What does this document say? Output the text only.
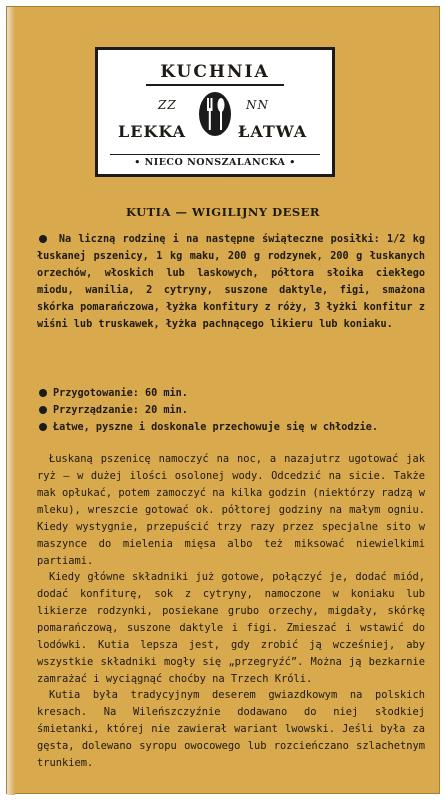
KUCHNIA
ZZ	NN
LEKKA	ŁATWA
• NIECO NONSZALANCKA •
KUTIA — WIGILIJNY DESER

Na liczną rodzinę i na następne świąteczne posiłki: 1/2 kg łuskanej pszenicy, 1 kg maku, 200 g rodzynek, 200 g łuskanych orzechów, włoskich lub laskowych, półtora słoika ciekłego miodu, wanilia, 2 cytryny, suszone daktyle, figi, smażona skórka pomarańczowa, łyżka konfitury z róży, 3 łyżki konfitur z wiśni lub truskawek, łyżka pachnącego likieru lub koniaku.

Przygotowanie: 60 min.
Przyrządzanie: 20 min.
Łatwe, pyszne i doskonale przechowuje się w chłodzie.

Łuskaną pszenicę namoczyć na noc, a nazajutrz ugotować jak ryż — w dużej ilości osolonej wody. Odcedzić na sicie. Także mak opłukać, potem zamoczyć na kilka godzin (niektórzy radzą w mleku), wreszcie gotować ok. półtorej godziny na małym ogniu. Kiedy wystygnie, przepuścić trzy razy przez specjalne sito w maszynce do mielenia mięsa albo też miksować niewielkimi partiami.

Kiedy główne składniki już gotowe, połączyć je, dodać miód, dodać konfiturę, sok z cytryny, namoczone w koniaku lub likierze rodzynki, posiekane grubo orzechy, migdały, skórkę pomarańczową, suszone daktyle i figi. Zmieszać i wstawić do lodówki. Kutia lepsza jest, gdy zrobić ją wcześniej, aby wszystkie składniki mogły się „przegryźć”. Można ją bezkarnie zamrażać i wyciągnąć choćby na Trzech Króli.

Kutia była tradycyjnym deserem gwiazdkowym na polskich kresach. Na Wileńszczyźnie dodawano do niej słodkiej śmietanki, której nie zawierał wariant lwowski. Jeśli była za gęsta, dolewano syropu owocowego lub rozcieńczano szlachetnym trunkiem.
